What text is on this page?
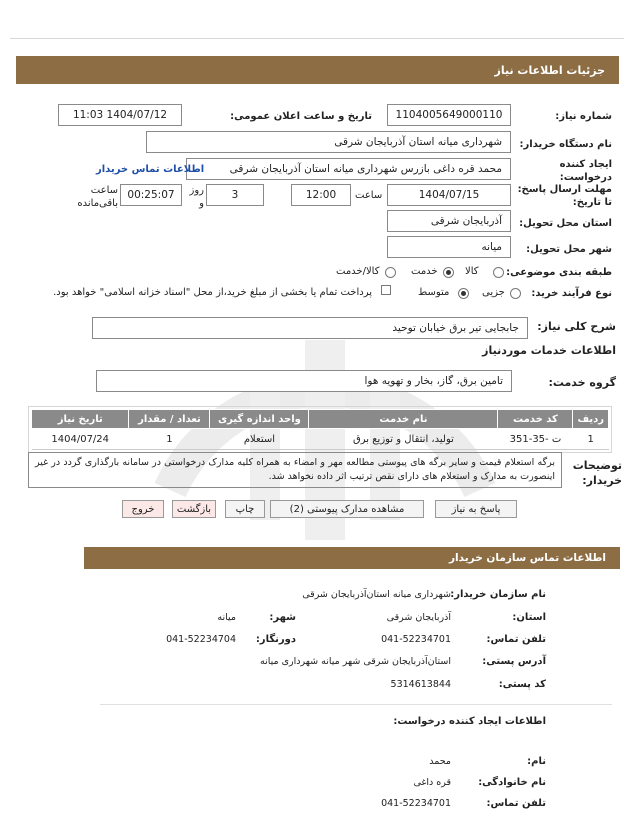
جزئیات اطلاعات نیاز
شماره نیاز:
1104005649000110
تاریخ و ساعت اعلان عمومی:
1404/07/12 11:03
نام دستگاه خریدار:
شهرداری میانه استان آذربایجان شرقی
ایجاد کننده درخواست:
محمد قره داغی بازرس شهرداری میانه استان آذربایجان شرقی
اطلاعات تماس خریدار
مهلت ارسال پاسخ: تا تاریخ:
1404/07/15
ساعت
12:00
3
روز و
00:25:07
ساعت باقی‌مانده
استان محل تحویل:
آذربایجان شرقی
شهر محل تحویل:
میانه
طبقه بندی موضوعی:
کالا
خدمت
کالا/خدمت
نوع فرآیند خرید:
جزیی
متوسط
پرداخت تمام یا بخشی از مبلغ خرید،از محل "اسناد خزانه اسلامی" خواهد بود.
شرح کلی نیاز:
جابجایی تیر برق خیابان توحید
اطلاعات خدمات موردنیاز
گروه خدمت:
تامین برق، گاز، بخار و تهویه هوا
ردیف	کد خدمت	نام خدمت	واحد اندازه گیری	تعداد / مقدار	تاریخ نیاز
1	ت -35-351	تولید، انتقال و توزیع برق	استعلام	1	1404/07/24
توضیحات خریدار:
برگه استعلام قیمت و سایر برگه های پیوستی مطالعه مهر و امضاء به همراه کلیه مدارک درخواستی در سامانه بارگذاری گردد در غیر اینصورت به مدارک و استعلام های دارای نقص ترتیب اثر داده نخواهد شد.
پاسخ به نیاز
مشاهده مدارک پیوستی (2)
چاپ
بازگشت
خروج
اطلاعات تماس سازمان خریدار
نام سازمان خریدار:
شهرداری میانه استان‌آذربایجان شرقی
استان:
آذربایجان شرقی
شهر:
میانه
تلفن تماس:
041-52234701
دورنگار:
041-52234704
آدرس پستی:
استان‌آذربایجان شرقی شهر میانه شهرداری میانه
کد پستی:
5314613844
اطلاعات ایجاد کننده درخواست:
نام:
محمد
نام خانوادگی:
قره داغی
تلفن تماس:
041-52234701
